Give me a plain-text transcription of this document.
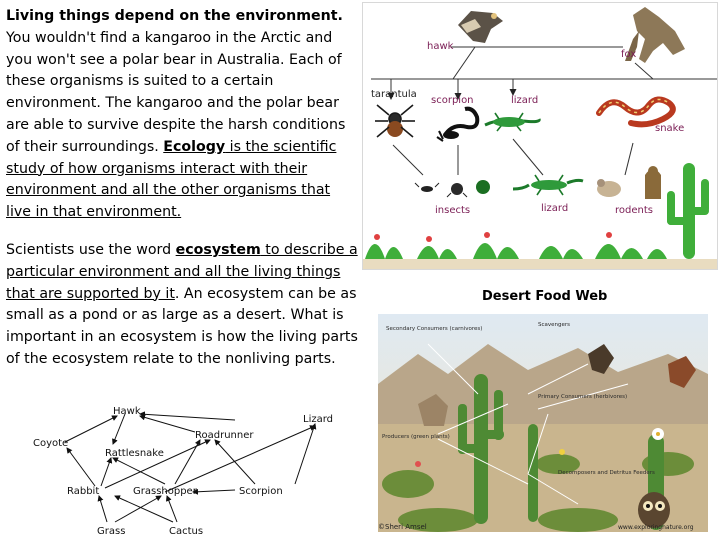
Living things depend on the environment. You wouldn't find a kangaroo in the Arctic and you won't see a polar bear in Australia. Each of these organisms is suited to a certain environment. The kangaroo and the polar bear are able to survive despite the harsh conditions of their surroundings. Ecology is the scientific study of how organisms interact with their environment and all the other organisms that live in that environment.

Scientists use the word ecosystem to describe a particular environment and all the living things that are supported by it. An ecosystem can be as small as a pond or as large as a desert. What is important in an ecosystem is how the living parts of the ecosystem relate to the nonliving parts.

hawk
fox
tarantula
scorpion	lizard
snake
insects	lizard	rodents
Desert Food Web
Secondary Consumers (carnivores)
Scavengers
Primary Consumers (herbivores)
Producers (green plants)
Decomposers and Detritus Feeders
©Sheri Amsel	www.exploringnature.org
Hawk
Lizard
Coyote
Roadrunner
Rattlesnake
Rabbit	Grasshopper	Scorpion
Grass	Cactus
